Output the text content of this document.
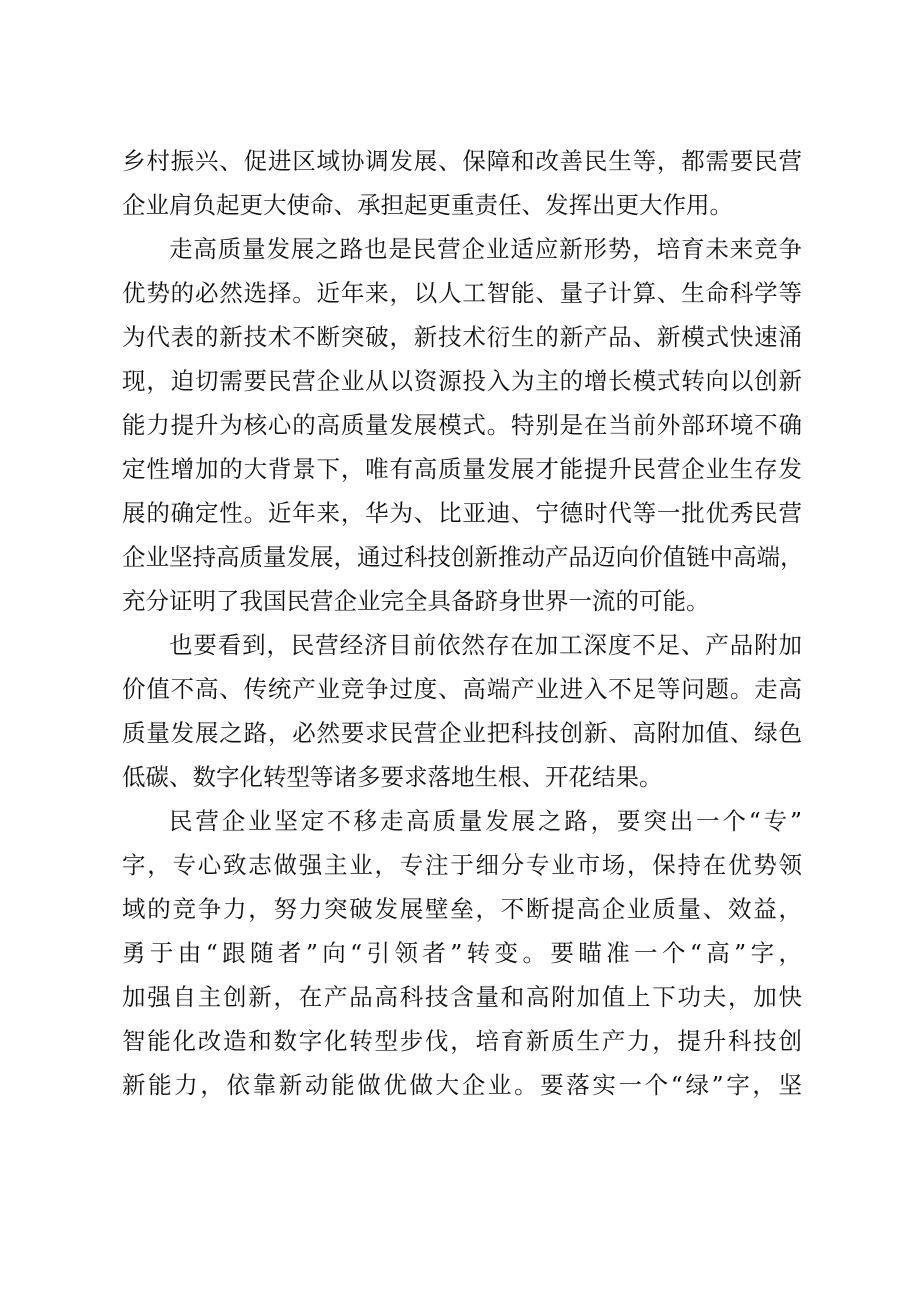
乡村振兴、促进区域协调发展、保障和改善民生等，都需要民营
企业肩负起更大使命、承担起更重责任、发挥出更大作用。
走高质量发展之路也是民营企业适应新形势，培育未来竞争
优势的必然选择。近年来，以人工智能、量子计算、生命科学等
为代表的新技术不断突破，新技术衍生的新产品、新模式快速涌
现，迫切需要民营企业从以资源投入为主的增长模式转向以创新
能力提升为核心的高质量发展模式。特别是在当前外部环境不确
定性增加的大背景下，唯有高质量发展才能提升民营企业生存发
展的确定性。近年来，华为、比亚迪、宁德时代等一批优秀民营
企业坚持高质量发展，通过科技创新推动产品迈向价值链中高端，
充分证明了我国民营企业完全具备跻身世界一流的可能。
也要看到，民营经济目前依然存在加工深度不足、产品附加
价值不高、传统产业竞争过度、高端产业进入不足等问题。走高
质量发展之路，必然要求民营企业把科技创新、高附加值、绿色
低碳、数字化转型等诸多要求落地生根、开花结果。
民营企业坚定不移走高质量发展之路，要突出一个“专”
字，专心致志做强主业，专注于细分专业市场，保持在优势领
域的竞争力，努力突破发展壁垒，不断提高企业质量、效益，
勇于由“跟随者”向“引领者”转变。要瞄准一个“高”字，
加强自主创新，在产品高科技含量和高附加值上下功夫，加快
智能化改造和数字化转型步伐，培育新质生产力，提升科技创
新能力，依靠新动能做优做大企业。要落实一个“绿”字，坚
